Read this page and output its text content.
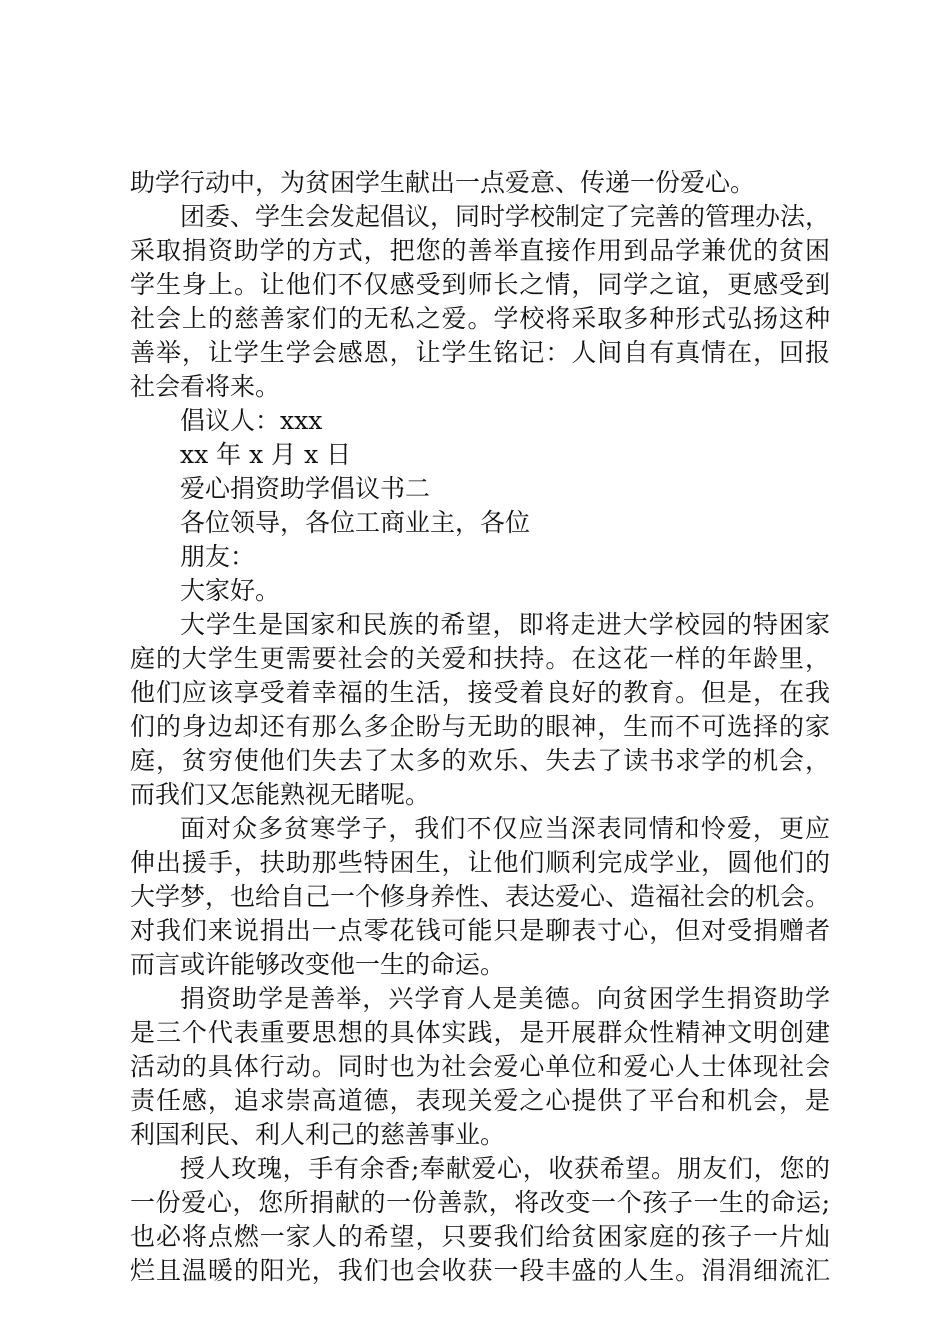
助学行动中，为贫困学生献出一点爱意、传递一份爱心。
团委、学生会发起倡议，同时学校制定了完善的管理办法，
采取捐资助学的方式，把您的善举直接作用到品学兼优的贫困
学生身上。让他们不仅感受到师长之情，同学之谊，更感受到
社会上的慈善家们的无私之爱。学校将采取多种形式弘扬这种
善举，让学生学会感恩，让学生铭记：人间自有真情在，回报
社会看将来。
倡议人：xxx
xx 年 x 月 x 日
爱心捐资助学倡议书二
各位领导，各位工商业主，各位
朋友：
大家好。
大学生是国家和民族的希望，即将走进大学校园的特困家
庭的大学生更需要社会的关爱和扶持。在这花一样的年龄里，
他们应该享受着幸福的生活，接受着良好的教育。但是，在我
们的身边却还有那么多企盼与无助的眼神，生而不可选择的家
庭，贫穷使他们失去了太多的欢乐、失去了读书求学的机会，
而我们又怎能熟视无睹呢。
面对众多贫寒学子，我们不仅应当深表同情和怜爱，更应
伸出援手，扶助那些特困生，让他们顺利完成学业，圆他们的
大学梦，也给自己一个修身养性、表达爱心、造福社会的机会。
对我们来说捐出一点零花钱可能只是聊表寸心，但对受捐赠者
而言或许能够改变他一生的命运。
捐资助学是善举，兴学育人是美德。向贫困学生捐资助学
是三个代表重要思想的具体实践，是开展群众性精神文明创建
活动的具体行动。同时也为社会爱心单位和爱心人士体现社会
责任感，追求崇高道德，表现关爱之心提供了平台和机会，是
利国利民、利人利己的慈善事业。
授人玫瑰，手有余香;奉献爱心，收获希望。朋友们，您的
一份爱心，您所捐献的一份善款，将改变一个孩子一生的命运;
也必将点燃一家人的希望，只要我们给贫困家庭的孩子一片灿
烂且温暖的阳光，我们也会收获一段丰盛的人生。涓涓细流汇
